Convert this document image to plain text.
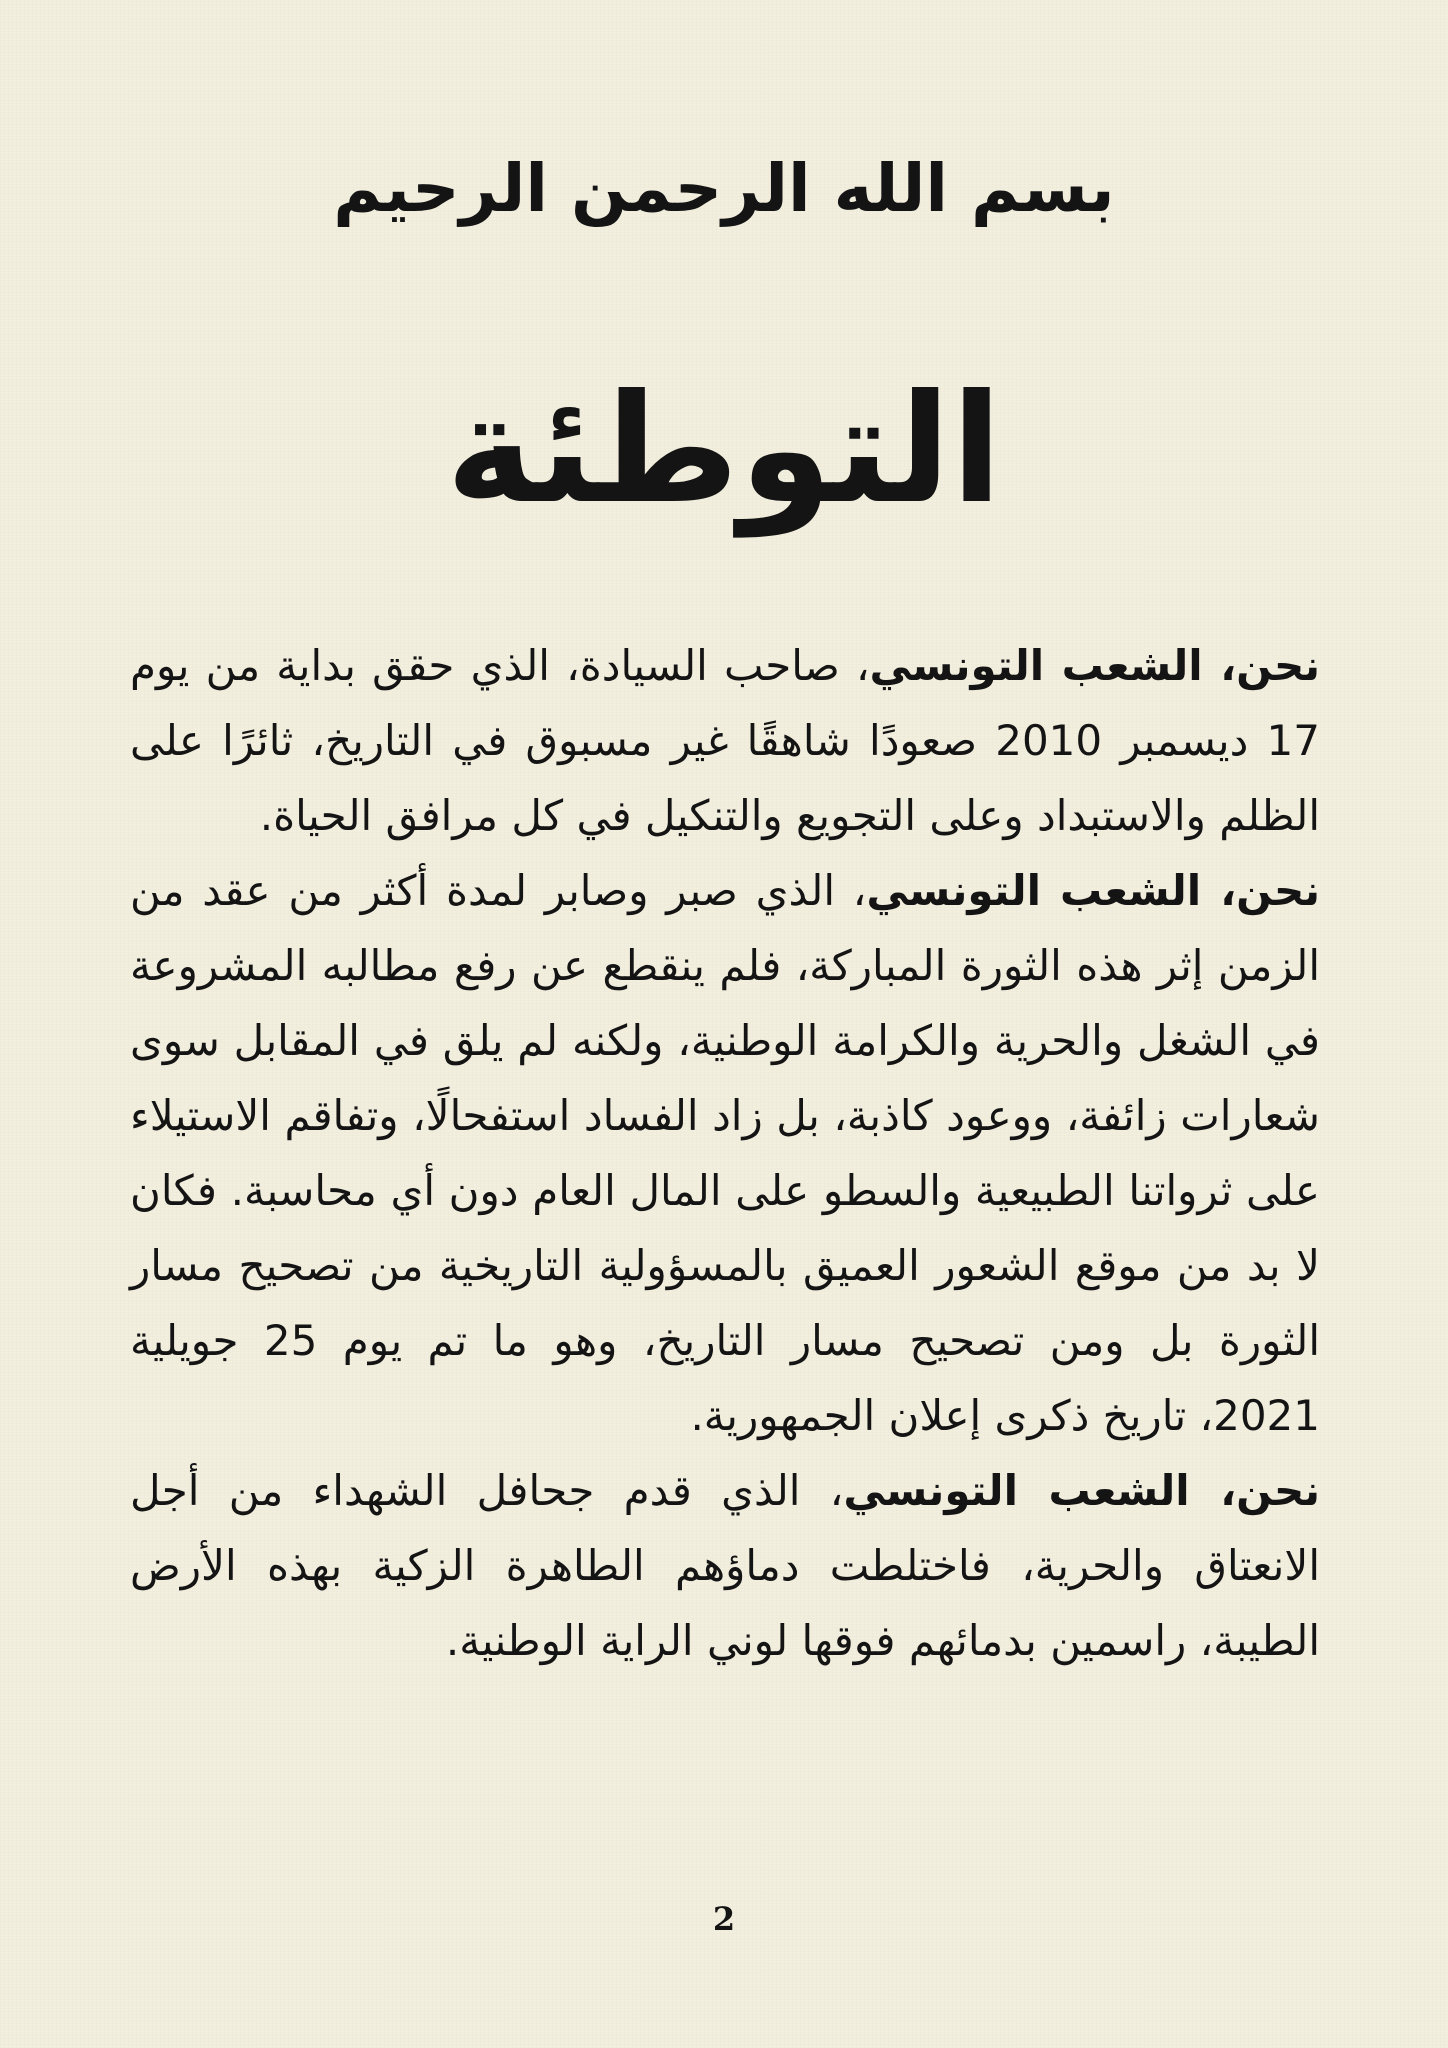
بسم الله الرحمن الرحيم
التوطئة

نحن، الشعب التونسي، صاحب السيادة، الذي حقق بداية من يوم 17 ديسمبر 2010 صعودًا شاهقًا غير مسبوق في التاريخ، ثائرًا على الظلم والاستبداد وعلى التجويع والتنكيل في كل مرافق الحياة.

نحن، الشعب التونسي، الذي صبر وصابر لمدة أكثر من عقد من الزمن إثر هذه الثورة المباركة، فلم ينقطع عن رفع مطالبه المشروعة في الشغل والحرية والكرامة الوطنية، ولكنه لم يلق في المقابل سوى شعارات زائفة، ووعود كاذبة، بل زاد الفساد استفحالًا، وتفاقم الاستيلاء على ثرواتنا الطبيعية والسطو على المال العام دون أي محاسبة. فكان لا بد من موقع الشعور العميق بالمسؤولية التاريخية من تصحيح مسار الثورة بل ومن تصحيح مسار التاريخ، وهو ما تم يوم 25 جويلية 2021، تاريخ ذكرى إعلان الجمهورية.

نحن، الشعب التونسي، الذي قدم جحافل الشهداء من أجل الانعتاق والحرية، فاختلطت دماؤهم الطاهرة الزكية بهذه الأرض الطيبة، راسمين بدمائهم فوقها لوني الراية الوطنية.

2
